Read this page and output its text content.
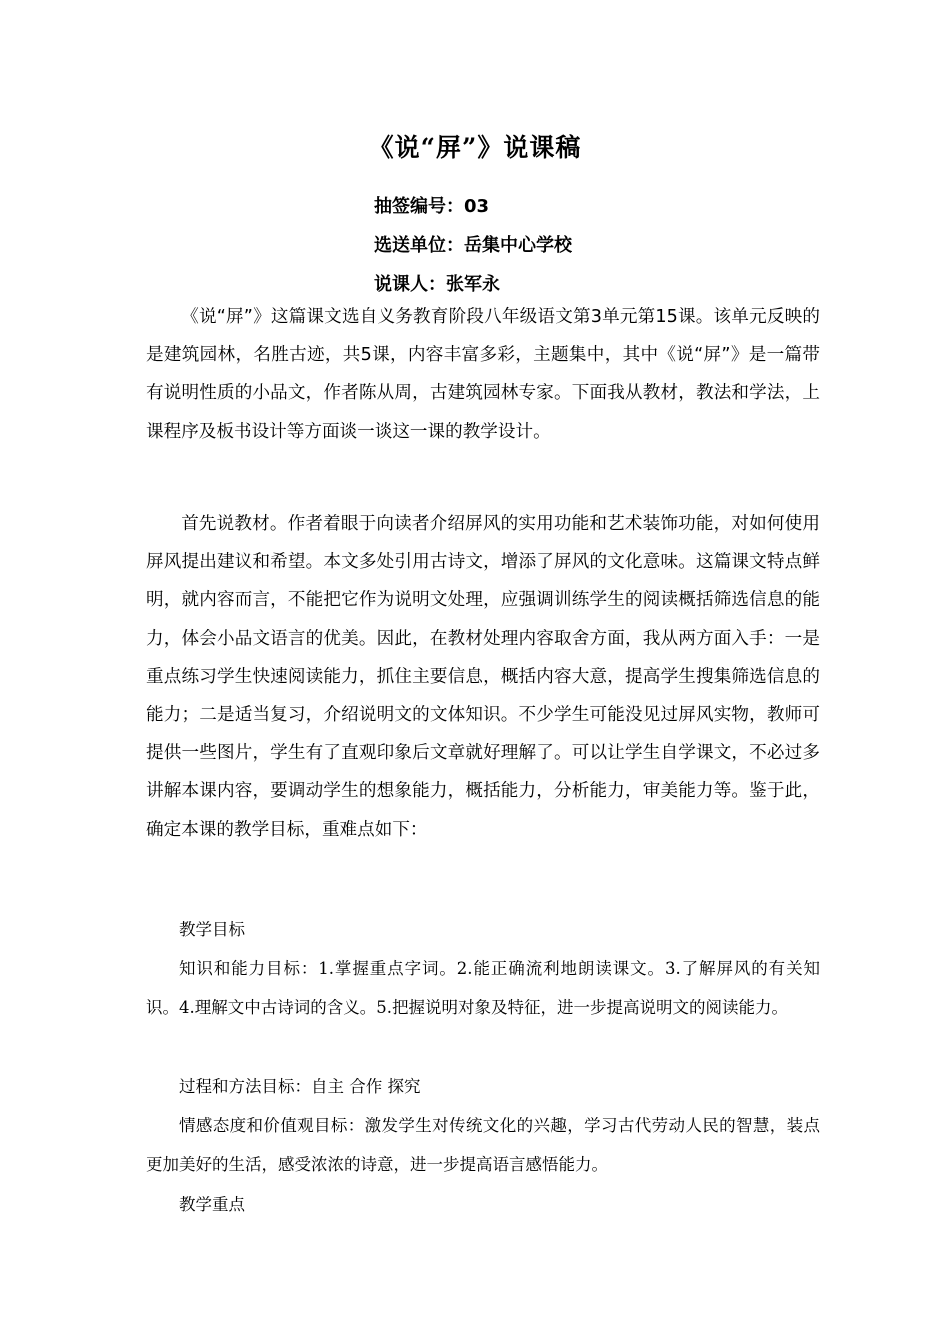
《说“屏”》说课稿
抽签编号：03
选送单位：岳集中心学校
说课人：张军永
《说“屏”》这篇课文选自义务教育阶段八年级语文第3单元第15课。该单元反映的是建筑园林，名胜古迹，共5课，内容丰富多彩，主题集中，其中《说“屏”》是一篇带有说明性质的小品文，作者陈从周，古建筑园林专家。下面我从教材，教法和学法，上课程序及板书设计等方面谈一谈这一课的教学设计。
首先说教材。作者着眼于向读者介绍屏风的实用功能和艺术装饰功能，对如何使用屏风提出建议和希望。本文多处引用古诗文，增添了屏风的文化意味。这篇课文特点鲜明，就内容而言，不能把它作为说明文处理，应强调训练学生的阅读概括筛选信息的能力，体会小品文语言的优美。因此，在教材处理内容取舍方面，我从两方面入手：一是重点练习学生快速阅读能力，抓住主要信息，概括内容大意，提高学生搜集筛选信息的能力；二是适当复习，介绍说明文的文体知识。不少学生可能没见过屏风实物，教师可提供一些图片，学生有了直观印象后文章就好理解了。可以让学生自学课文，不必过多讲解本课内容，要调动学生的想象能力，概括能力，分析能力，审美能力等。鉴于此，确定本课的教学目标，重难点如下：
教学目标
知识和能力目标：1.掌握重点字词。2.能正确流利地朗读课文。3.了解屏风的有关知识。4.理解文中古诗词的含义。5.把握说明对象及特征，进一步提高说明文的阅读能力。
过程和方法目标：自主 合作 探究
情感态度和价值观目标：激发学生对传统文化的兴趣，学习古代劳动人民的智慧，装点更加美好的生活，感受浓浓的诗意，进一步提高语言感悟能力。
教学重点
